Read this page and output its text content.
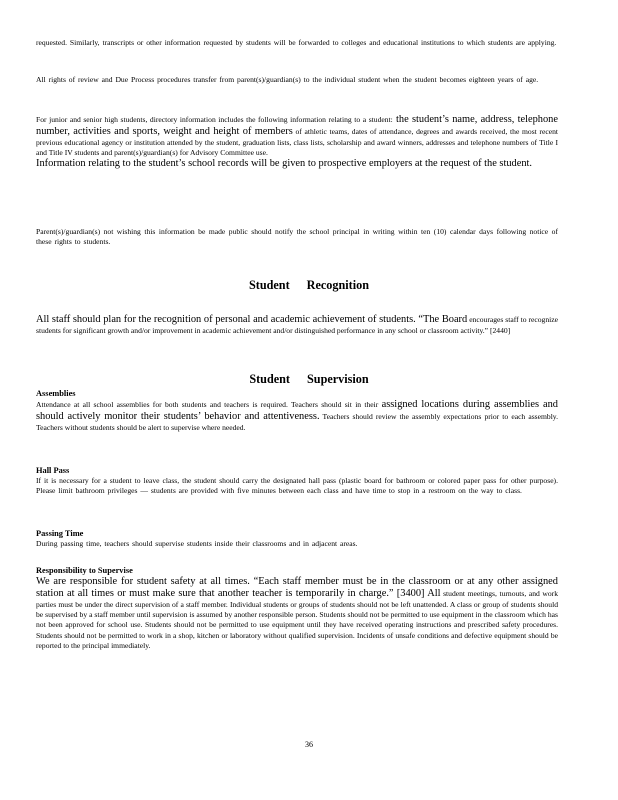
requested. Similarly, transcripts or other information requested by students will be forwarded to colleges and educational institutions to which students are applying.

All rights of review and Due Process procedures transfer from parent(s)/guardian(s) to the individual student when the student becomes eighteen years of age.

For junior and senior high students, directory information includes the following information relating to a student: the student’s name, address, telephone number, activities and sports, weight and height of members of athletic teams, dates of attendance, degrees and awards received, the most recent previous educational agency or institution attended by the student, graduation lists, class lists, scholarship and award winners, addresses and telephone numbers of Title I and Title IV students and parent(s)/guardian(s) for Advisory Committee use.

Information relating to the student’s school records will be given to prospective employers at the request of the student.

Parent(s)/guardian(s) not wishing this information be made public should notify the school principal in writing within ten (10) calendar days following notice of these rights to students.

Student Recognition

All staff should plan for the recognition of personal and academic achievement of students. “The Board encourages staff to recognize students for significant growth and/or improvement in academic achievement and/or distinguished performance in any school or classroom activity.” [2440]

Student Supervision
Assemblies

Attendance at all school assemblies for both students and teachers is required. Teachers should sit in their assigned locations during assemblies and should actively monitor their students’ behavior and attentiveness. Teachers should review the assembly expectations prior to each assembly. Teachers without students should be alert to supervise where needed.

Hall Pass

If it is necessary for a student to leave class, the student should carry the designated hall pass (plastic board for bathroom or colored paper pass for other purpose). Please limit bathroom privileges — students are provided with five minutes between each class and have time to stop in a restroom on the way to class.

Passing Time

During passing time, teachers should supervise students inside their classrooms and in adjacent areas.

Responsibility to Supervise

We are responsible for student safety at all times. “Each staff member must be in the classroom or at any other assigned station at all times or must make sure that another teacher is temporarily in charge.” [3400] All student meetings, turnouts, and work parties must be under the direct supervision of a staff member. Individual students or groups of students should not be left unattended. A class or group of students should be supervised by a staff member until supervision is assumed by another responsible person. Students should not be permitted to use equipment in the classroom which has not been approved for school use. Students should not be permitted to use equipment until they have received operating instructions and prescribed safety procedures. Students should not be permitted to work in a shop, kitchen or laboratory without qualified supervision. Incidents of unsafe conditions and defective equipment should be reported to the principal immediately.

36
